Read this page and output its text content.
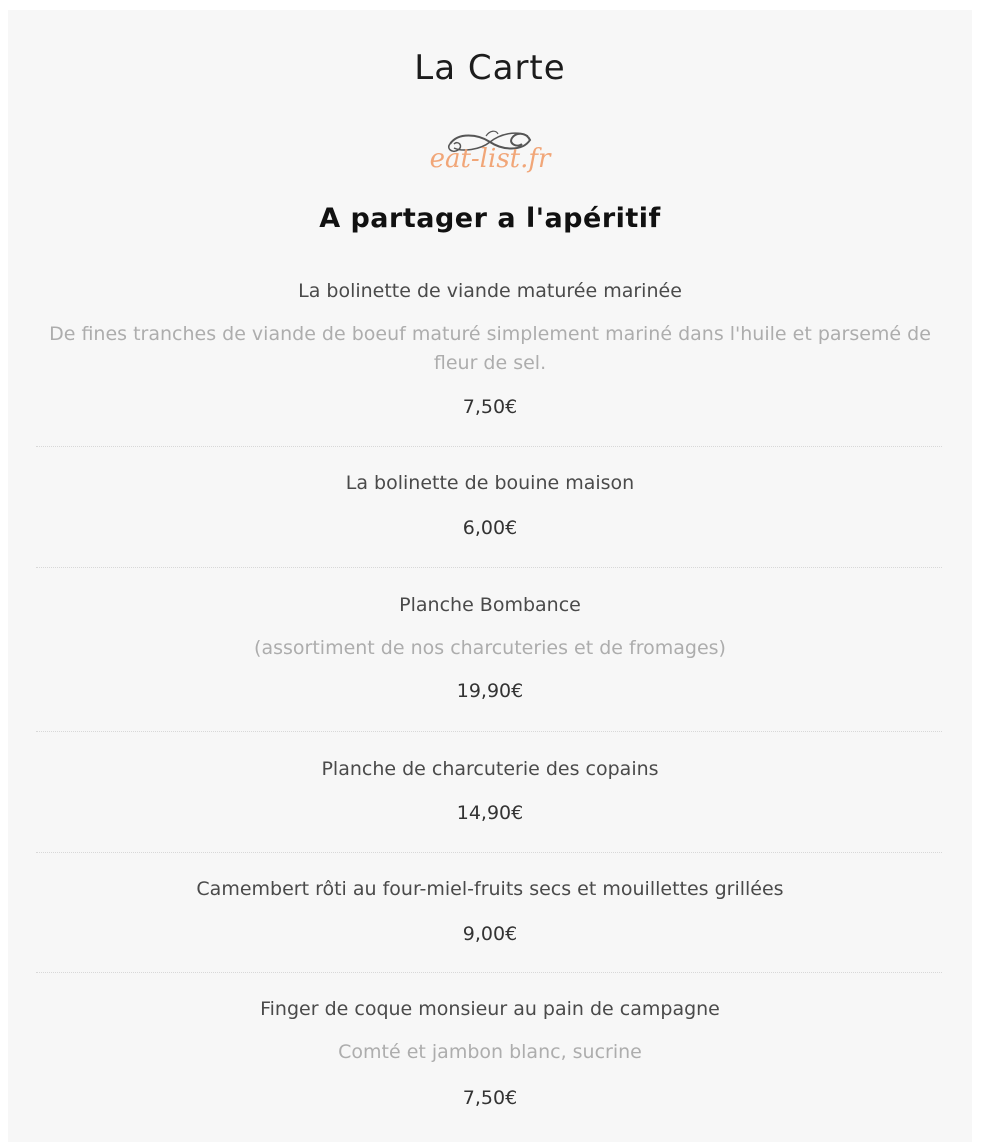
La Carte
eat-list.fr
A partager a l'apéritif
La bolinette de viande maturée marinée
De fines tranches de viande de boeuf maturé simplement mariné dans l'huile et parsemé de fleur de sel.
7,50€
La bolinette de bouine maison
6,00€
Planche Bombance
(assortiment de nos charcuteries et de fromages)
19,90€
Planche de charcuterie des copains
14,90€
Camembert rôti au four-miel-fruits secs et mouillettes grillées
9,00€
Finger de coque monsieur au pain de campagne
Comté et jambon blanc, sucrine
7,50€
